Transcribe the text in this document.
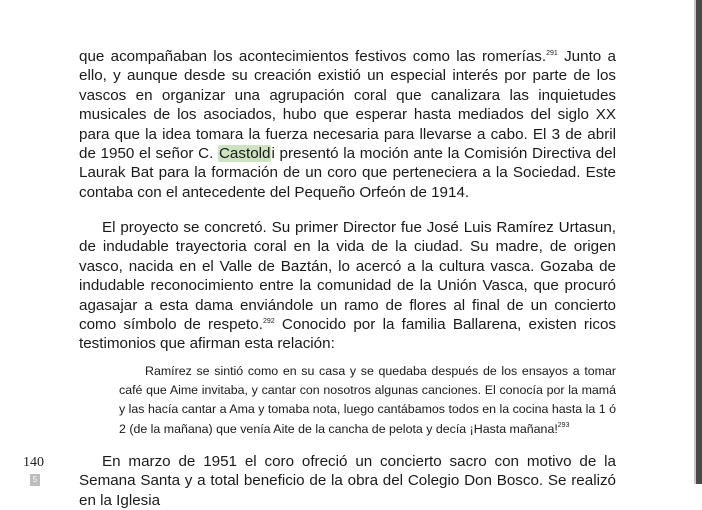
que acompañaban los acontecimientos festivos como las romerías.$^{291}$ Junto a ello, y aunque desde su creación existió un especial interés por parte de los vascos en organizar una agrupación coral que canalizara las inquietudes musicales de los asociados, hubo que esperar hasta mediados del siglo XX para que la idea tomara la fuerza necesaria para llevarse a cabo. El 3 de abril de 1950 el señor C. Castoldi presentó la moción ante la Comisión Directiva del Laurak Bat para la formación de un coro que perteneciera a la Sociedad. Este contaba con el antecedente del Pequeño Orfeón de 1914.

El proyecto se concretó. Su primer Director fue José Luis Ramírez Urtasun, de indudable trayectoria coral en la vida de la ciudad. Su madre, de origen vasco, nacida en el Valle de Baztán, lo acercó a la cultura vasca. Gozaba de indudable reconocimiento entre la comunidad de la Unión Vasca, que procuró agasajar a esta dama enviándole un ramo de flores al final de un concierto como símbolo de respeto.$^{292}$ Conocido por la familia Ballarena, existen ricos testimonios que afirman esta relación:

Ramírez se sintió como en su casa y se quedaba después de los ensayos a tomar café que Aime invitaba, y cantar con nosotros algunas canciones. El conocía por la mamá y las hacía cantar a Ama y tomaba nota, luego cantábamos todos en la cocina hasta la 1 ó 2 (de la mañana) que venía Aite de la cancha de pelota y decía ¡Hasta mañana!$^{293}$

En marzo de 1951 el coro ofreció un concierto sacro con motivo de la Semana Santa y a total beneficio de la obra del Colegio Don Bosco. Se realizó en la Iglesia

140

5
